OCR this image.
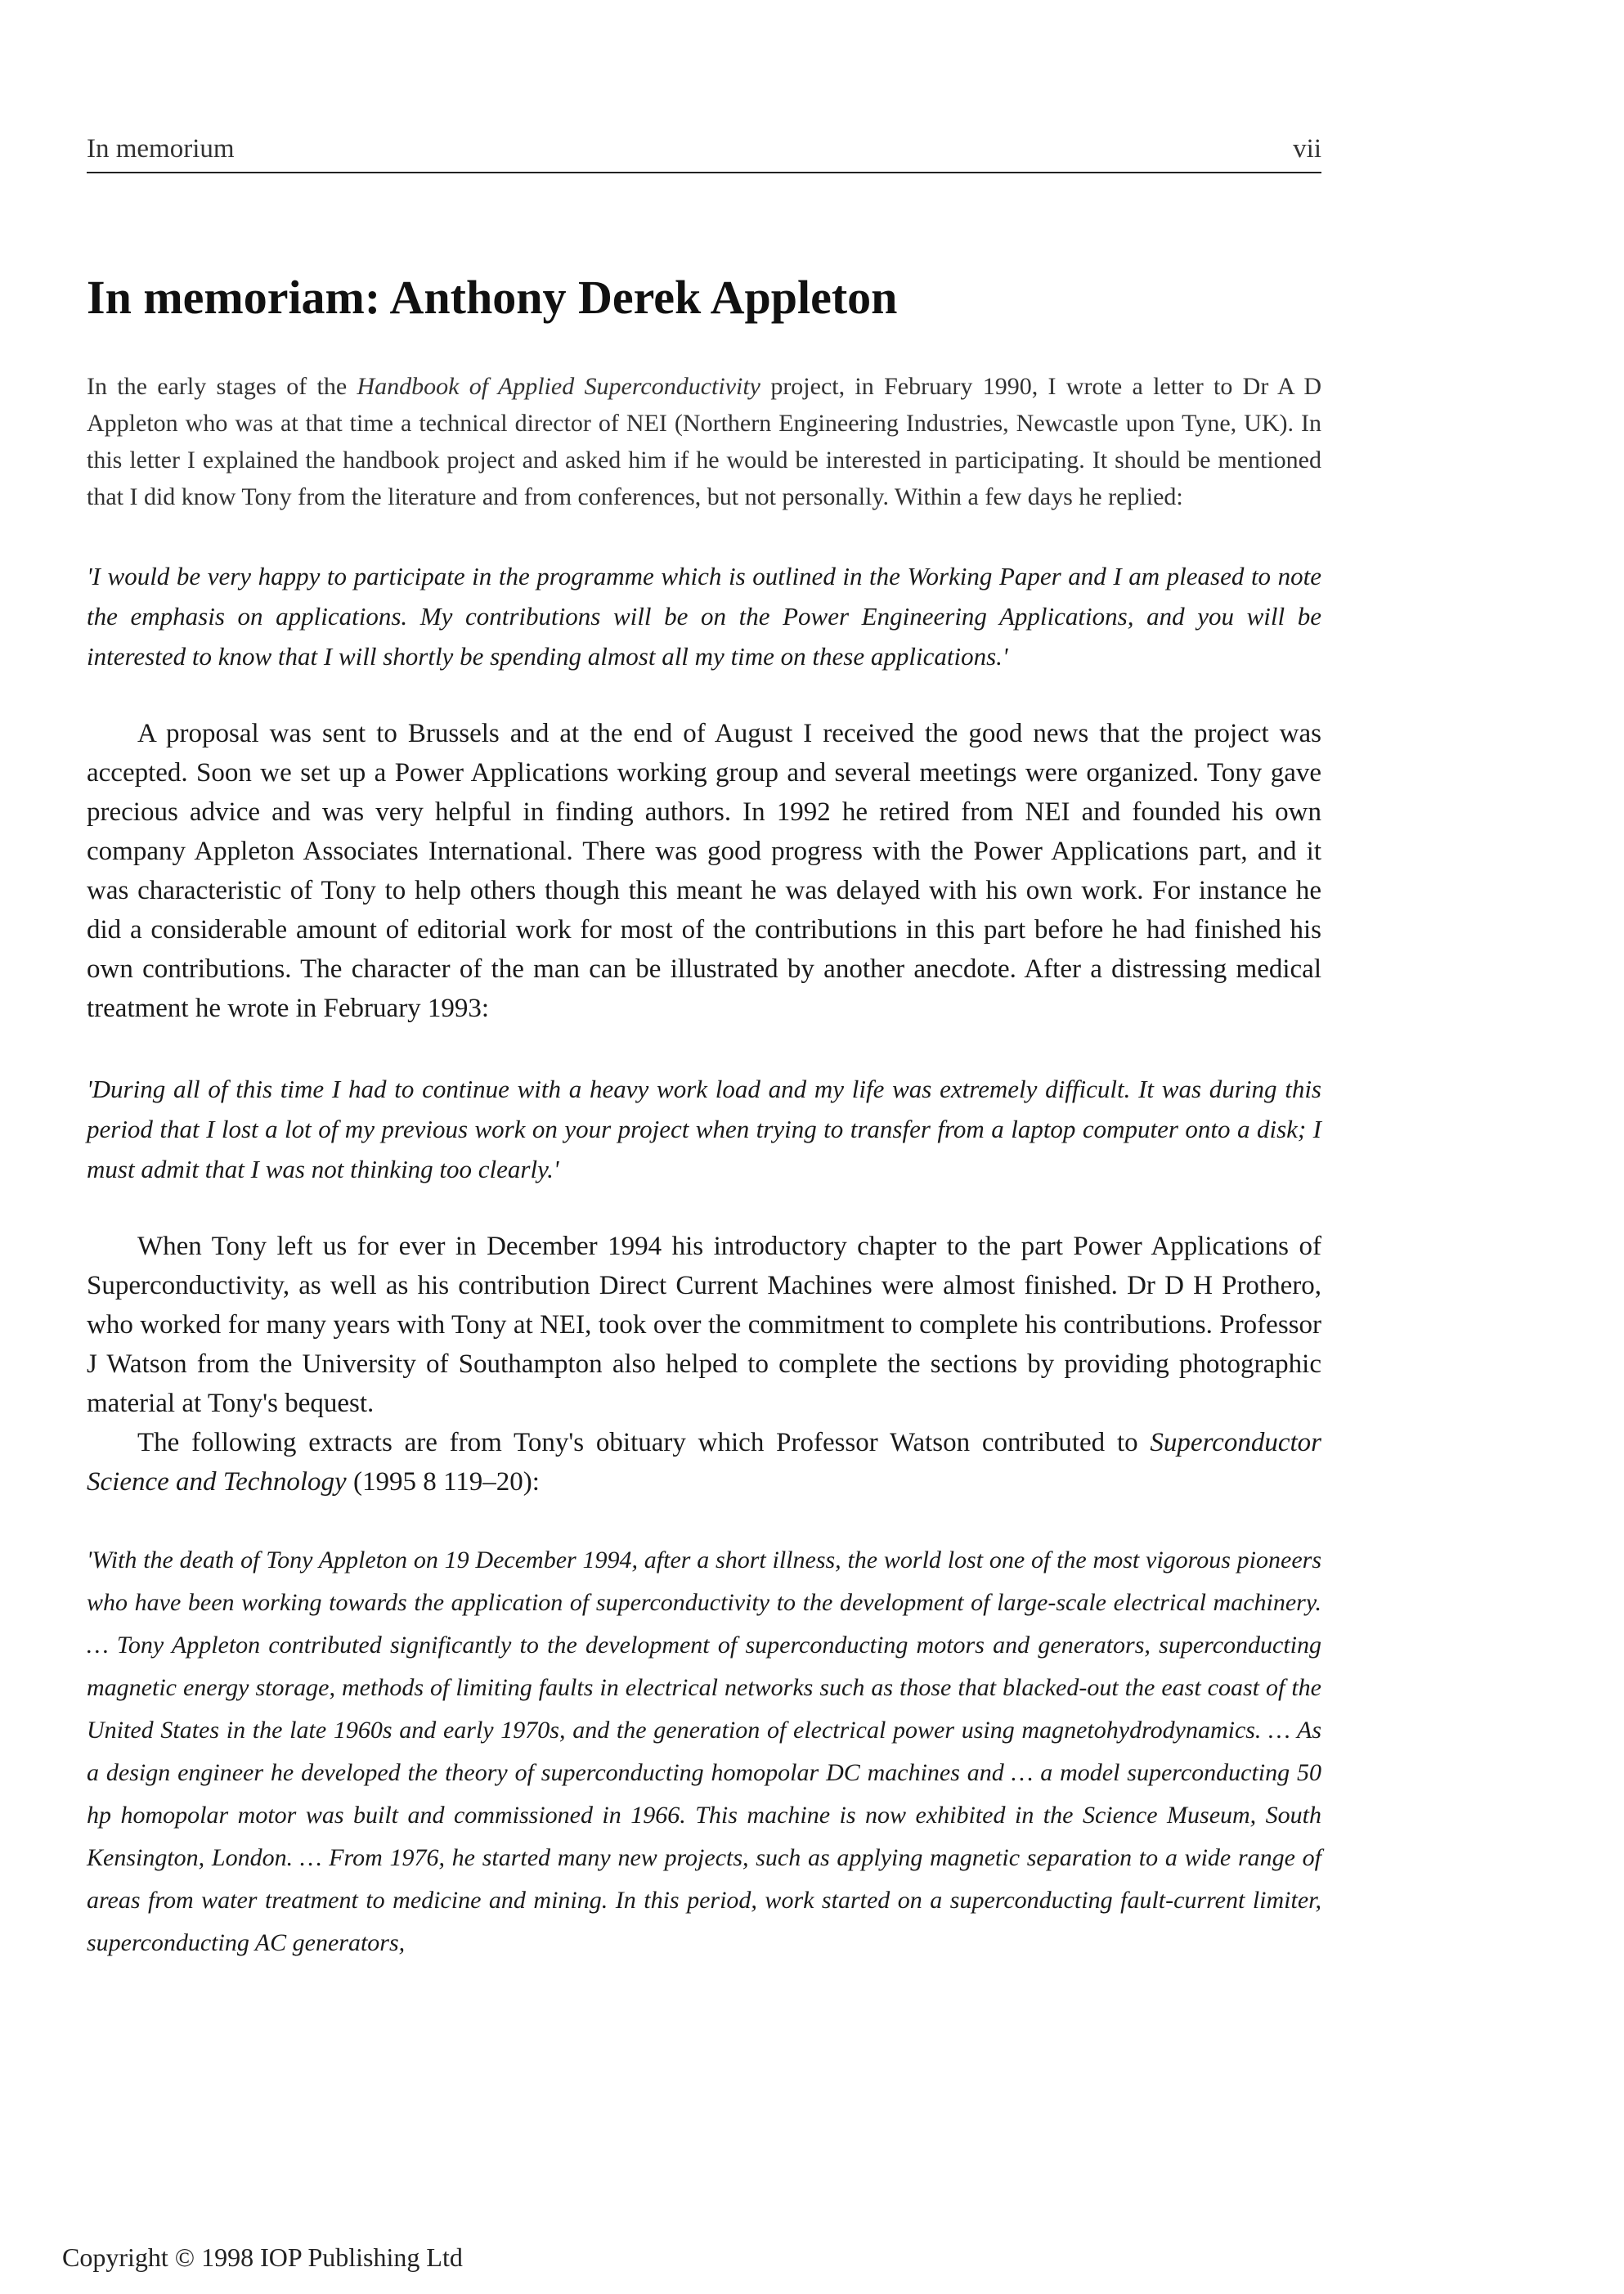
In memorium	vii
In memoriam: Anthony Derek Appleton

In the early stages of the Handbook of Applied Superconductivity project, in February 1990, I wrote a letter to Dr A D Appleton who was at that time a technical director of NEI (Northern Engineering Industries, Newcastle upon Tyne, UK). In this letter I explained the handbook project and asked him if he would be interested in participating. It should be mentioned that I did know Tony from the literature and from conferences, but not personally. Within a few days he replied:

'I would be very happy to participate in the programme which is outlined in the Working Paper and I am pleased to note the emphasis on applications. My contributions will be on the Power Engineering Applications, and you will be interested to know that I will shortly be spending almost all my time on these applications.'

A proposal was sent to Brussels and at the end of August I received the good news that the project was accepted. Soon we set up a Power Applications working group and several meetings were organized. Tony gave precious advice and was very helpful in finding authors. In 1992 he retired from NEI and founded his own company Appleton Associates International. There was good progress with the Power Applications part, and it was characteristic of Tony to help others though this meant he was delayed with his own work. For instance he did a considerable amount of editorial work for most of the contributions in this part before he had finished his own contributions. The character of the man can be illustrated by another anecdote. After a distressing medical treatment he wrote in February 1993:

'During all of this time I had to continue with a heavy work load and my life was extremely difficult. It was during this period that I lost a lot of my previous work on your project when trying to transfer from a laptop computer onto a disk; I must admit that I was not thinking too clearly.'

When Tony left us for ever in December 1994 his introductory chapter to the part Power Applications of Superconductivity, as well as his contribution Direct Current Machines were almost finished. Dr D H Prothero, who worked for many years with Tony at NEI, took over the commitment to complete his contributions. Professor J Watson from the University of Southampton also helped to complete the sections by providing photographic material at Tony's bequest.

The following extracts are from Tony's obituary which Professor Watson contributed to Superconductor Science and Technology (1995 8 119–20):

'With the death of Tony Appleton on 19 December 1994, after a short illness, the world lost one of the most vigorous pioneers who have been working towards the application of superconductivity to the development of large-scale electrical machinery. … Tony Appleton contributed significantly to the development of superconducting motors and generators, superconducting magnetic energy storage, methods of limiting faults in electrical networks such as those that blacked-out the east coast of the United States in the late 1960s and early 1970s, and the generation of electrical power using magnetohydrodynamics. … As a design engineer he developed the theory of superconducting homopolar DC machines and … a model superconducting 50 hp homopolar motor was built and commissioned in 1966. This machine is now exhibited in the Science Museum, South Kensington, London. … From 1976, he started many new projects, such as applying magnetic separation to a wide range of areas from water treatment to medicine and mining. In this period, work started on a superconducting fault-current limiter, superconducting AC generators,

Copyright © 1998 IOP Publishing Ltd
